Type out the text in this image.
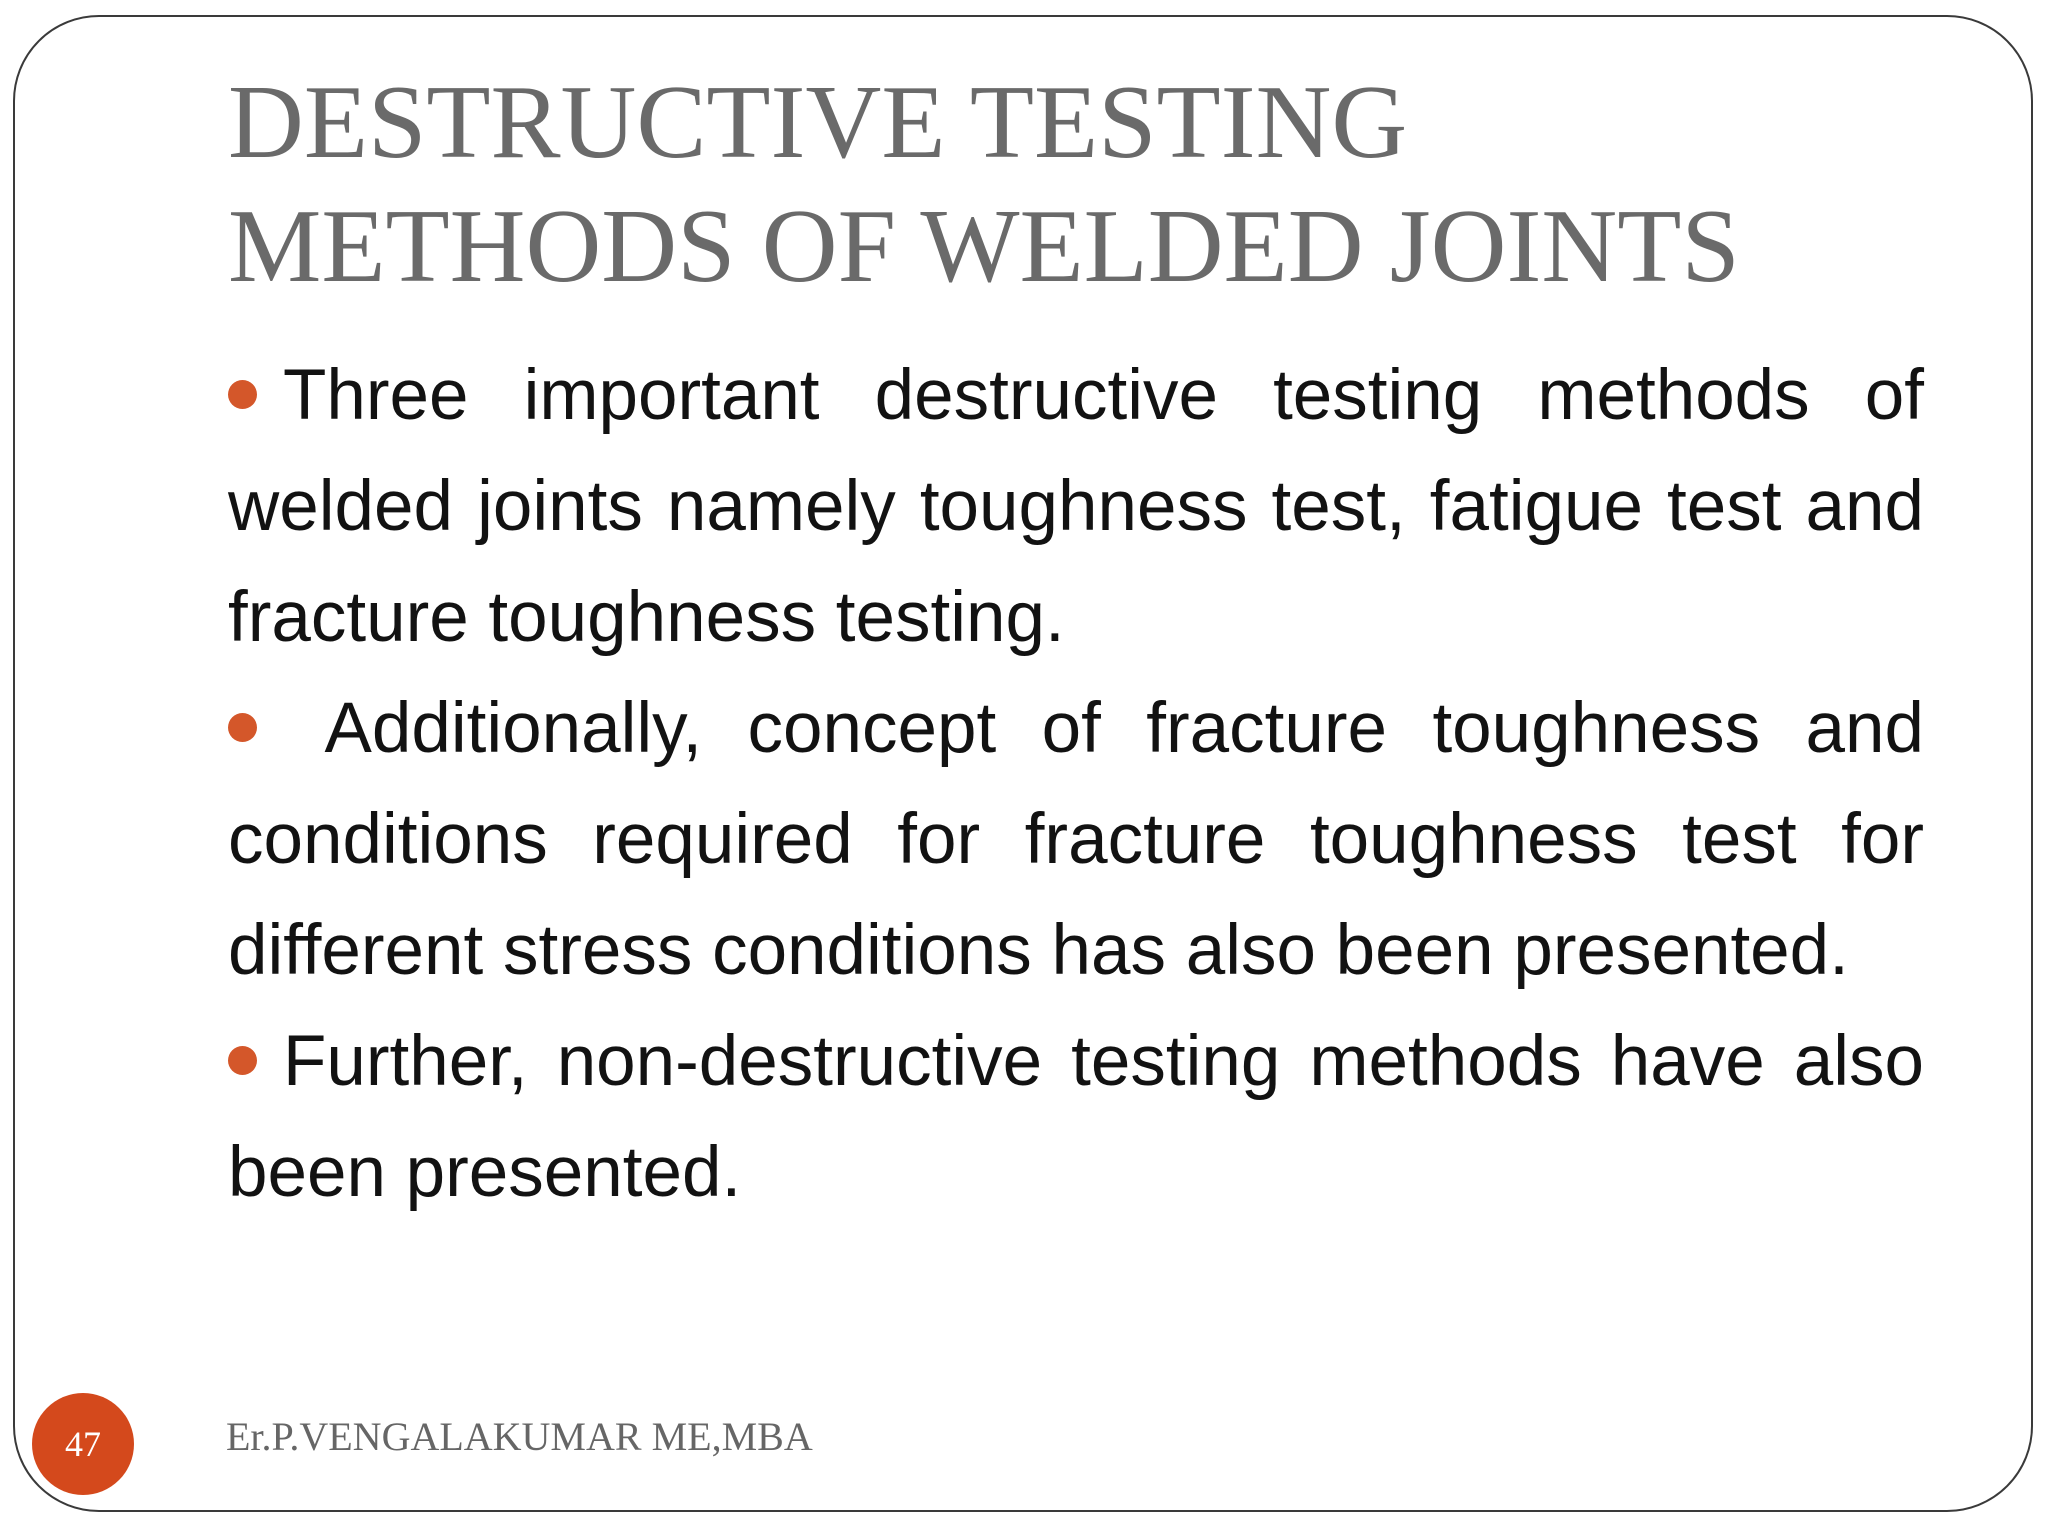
DESTRUCTIVE TESTING
METHODS OF WELDED JOINTS

Three important destructive testing methods of welded joints namely toughness test, fatigue test and fracture toughness testing.

Additionally, concept of fracture toughness and conditions required for fracture toughness test for different stress conditions has also been presented.

Further, non-destructive testing methods have also been presented.

Er.P.VENGALAKUMAR ME,MBA
47
